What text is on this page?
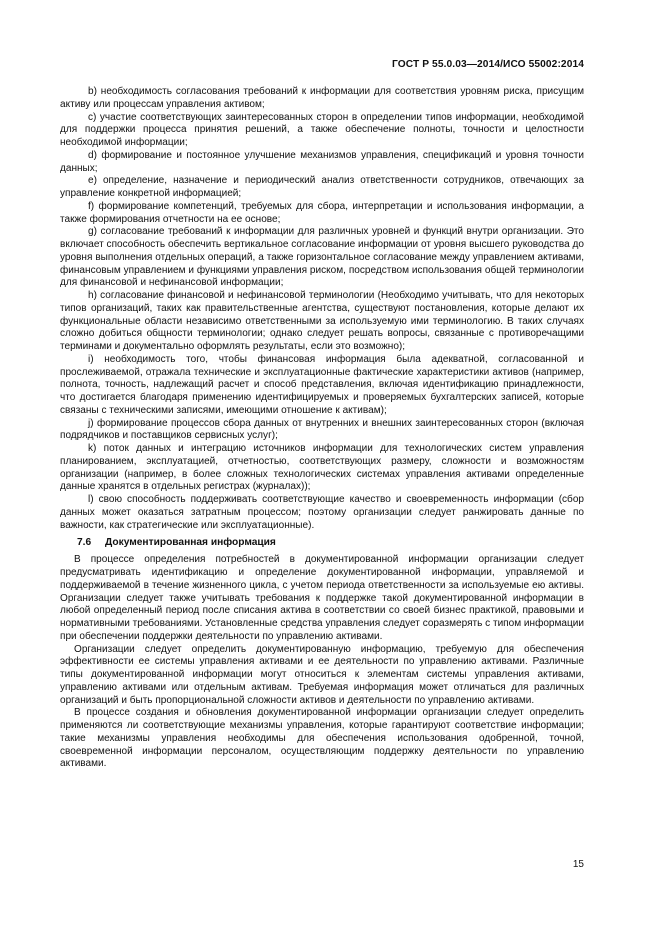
ГОСТ Р 55.0.03—2014/ИСО 55002:2014

b) необходимость согласования требований к информации для соответствия уровням риска, присущим активу или процессам управления активом;

c) участие соответствующих заинтересованных сторон в определении типов информации, необходимой для поддержки процесса принятия решений, а также обеспечение полноты, точности и целостности необходимой информации;

d) формирование и постоянное улучшение механизмов управления, спецификаций и уровня точности данных;

e) определение, назначение и периодический анализ ответственности сотрудников, отвечающих за управление конкретной информацией;

f) формирование компетенций, требуемых для сбора, интерпретации и использования информации, а также формирования отчетности на ее основе;

g) согласование требований к информации для различных уровней и функций внутри организации. Это включает способность обеспечить вертикальное согласование информации от уровня высшего руководства до уровня выполнения отдельных операций, а также горизонтальное согласование между управлением активами, финансовым управлением и функциями управления риском, посредством использования общей терминологии для финансовой и нефинансовой информации;

h) согласование финансовой и нефинансовой терминологии (Необходимо учитывать, что для некоторых типов организаций, таких как правительственные агентства, существуют постановления, которые делают их функциональные области независимо ответственными за используемую ими терминологию. В таких случаях сложно добиться общности терминологии; однако следует решать вопросы, связанные с противоречащими терминами и документально оформлять результаты, если это возможно);

i) необходимость того, чтобы финансовая информация была адекватной, согласованной и прослеживаемой, отражала технические и эксплуатационные фактические характеристики активов (например, полнота, точность, надлежащий расчет и способ представления, включая идентификацию принадлежности, что достигается благодаря применению идентифицируемых и проверяемых бухгалтерских записей, которые связаны с техническими записями, имеющими отношение к активам);

j) формирование процессов сбора данных от внутренних и внешних заинтересованных сторон (включая подрядчиков и поставщиков сервисных услуг);

k) поток данных и интеграцию источников информации для технологических систем управления планированием, эксплуатацией, отчетностью, соответствующих размеру, сложности и возможностям организации (например, в более сложных технологических системах управления активами определенные данные хранятся в отдельных регистрах (журналах));

l) свою способность поддерживать соответствующие качество и своевременность информации (сбор данных может оказаться затратным процессом; поэтому организации следует ранжировать данные по важности, как стратегические или эксплуатационные).

7.6 Документированная информация

В процессе определения потребностей в документированной информации организации следует предусматривать идентификацию и определение документированной информации, управляемой и поддерживаемой в течение жизненного цикла, с учетом периода ответственности за используемые ею активы. Организации следует также учитывать требования к поддержке такой документированной информации в любой определенный период после списания актива в соответствии со своей бизнес практикой, правовыми и нормативными требованиями. Установленные средства управления следует соразмерять с типом информации при обеспечении поддержки деятельности по управлению активами.

Организации следует определить документированную информацию, требуемую для обеспечения эффективности ее системы управления активами и ее деятельности по управлению активами. Различные типы документированной информации могут относиться к элементам системы управления активами, управлению активами или отдельным активам. Требуемая информация может отличаться для различных организаций и быть пропорциональной сложности активов и деятельности по управлению активами.

В процессе создания и обновления документированной информации организации следует определить применяются ли соответствующие механизмы управления, которые гарантируют соответствие информации; такие механизмы управления необходимы для обеспечения использования одобренной, точной, своевременной информации персоналом, осуществляющим поддержку деятельности по управлению активами.

15
